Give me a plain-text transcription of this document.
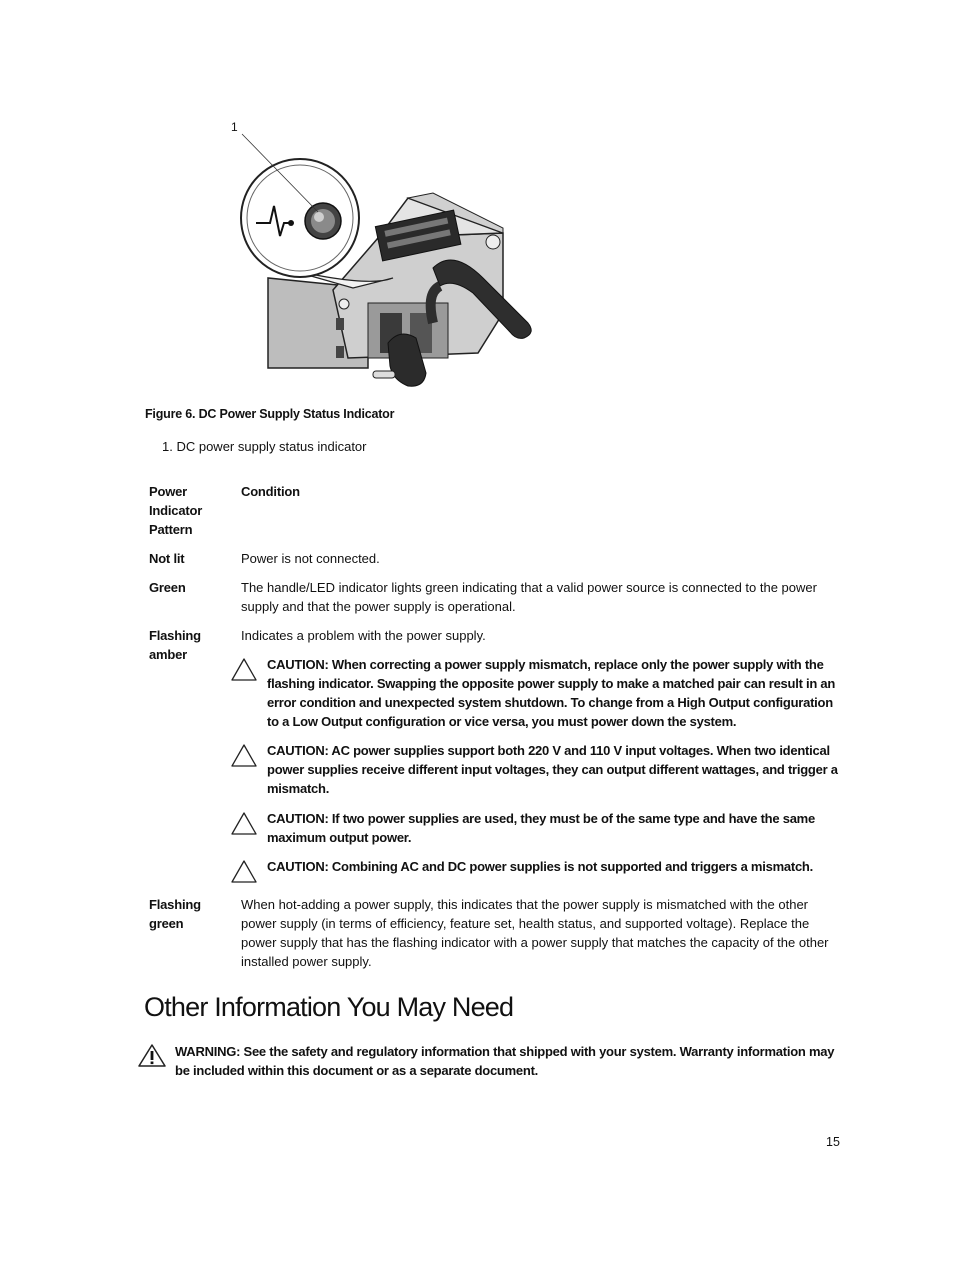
1
Figure 6. DC Power Supply Status Indicator
1. DC power supply status indicator
Power Indicator Pattern
Condition
Not lit	Power is not connected.
Green	The handle/LED indicator lights green indicating that a valid power source is connected to the power supply and that the power supply is operational.
Flashing amber
Indicates a problem with the power supply.
CAUTION: When correcting a power supply mismatch, replace only the power supply with the flashing indicator. Swapping the opposite power supply to make a matched pair can result in an error condition and unexpected system shutdown. To change from a High Output configuration to a Low Output configuration or vice versa, you must power down the system.
CAUTION: AC power supplies support both 220 V and 110 V input voltages. When two identical power supplies receive different input voltages, they can output different wattages, and trigger a mismatch.
CAUTION: If two power supplies are used, they must be of the same type and have the same maximum output power.
CAUTION: Combining AC and DC power supplies is not supported and triggers a mismatch.
Flashing green
When hot-adding a power supply, this indicates that the power supply is mismatched with the other power supply (in terms of efficiency, feature set, health status, and supported voltage). Replace the power supply that has the flashing indicator with a power supply that matches the capacity of the other installed power supply.
Other Information You May Need
WARNING: See the safety and regulatory information that shipped with your system. Warranty information may be included within this document or as a separate document.
15
